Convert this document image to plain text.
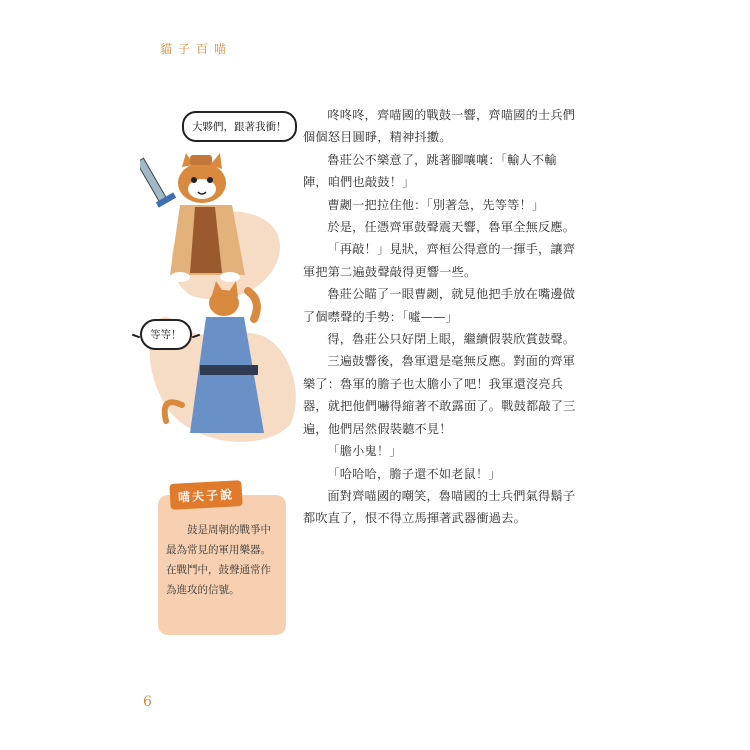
貓子百喵
大夥們，跟著我衝！
等等！
喵夫子說
鼓是周朝的戰爭中最為常見的軍用樂器。在戰鬥中，鼓聲通常作為進攻的信號。

咚咚咚，齊喵國的戰鼓一響，齊喵國的士兵們個個怒目圓睜，精神抖擻。

魯莊公不樂意了，跳著腳嚷嚷：「輸人不輸陣，咱們也敲鼓！」

曹劌一把拉住他：「別著急，先等等！」

於是，任憑齊軍鼓聲震天響，魯軍全無反應。

「再敲！」見狀，齊桓公得意的一揮手，讓齊軍把第二遍鼓聲敲得更響一些。

魯莊公瞄了一眼曹劌，就見他把手放在嘴邊做了個噤聲的手勢：「噓——」

得，魯莊公只好閉上眼，繼續假裝欣賞鼓聲。

三遍鼓響後，魯軍還是毫無反應。對面的齊軍樂了：魯軍的膽子也太膽小了吧！我軍還沒亮兵器，就把他們嚇得縮著不敢露面了。戰鼓都敲了三遍，他們居然假裝聽不見！

「膽小鬼！」

「哈哈哈，膽子還不如老鼠！」

面對齊喵國的嘲笑，魯喵國的士兵們氣得鬍子都吹直了，恨不得立馬揮著武器衝過去。

6
